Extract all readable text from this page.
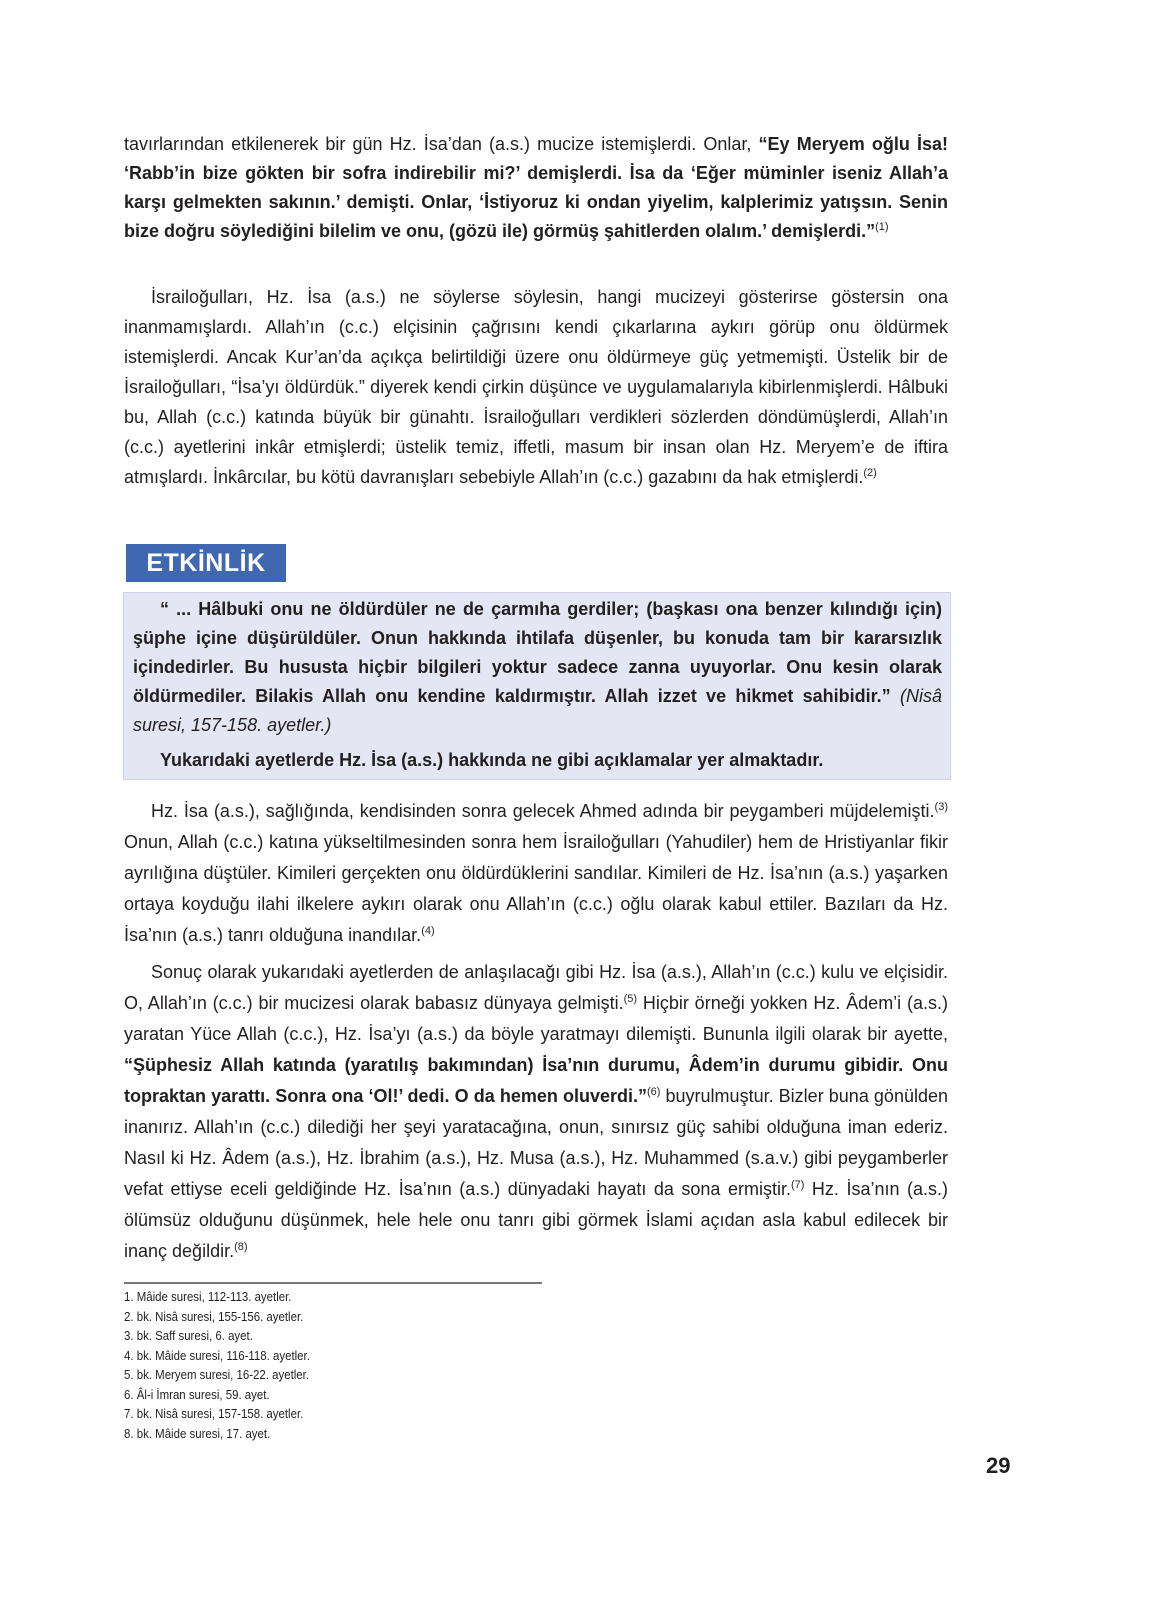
tavırlarından etkilenerek bir gün Hz. İsa’dan (a.s.) mucize istemişlerdi. Onlar, “Ey Meryem oğlu İsa! ‘Rabb’in bize gökten bir sofra indirebilir mi?’ demişlerdi. İsa da ‘Eğer müminler iseniz Allah’a karşı gelmekten sakının.’ demişti. Onlar, ‘İstiyoruz ki ondan yiyelim, kalplerimiz yatışsın. Senin bize doğru söylediğini bilelim ve onu, (gözü ile) görmüş şahitlerden olalım.’ demişlerdi.”$^{(1)}$
İsrailoğulları, Hz. İsa (a.s.) ne söylerse söylesin, hangi mucizeyi gösterirse göstersin ona inanmamışlardı. Allah’ın (c.c.) elçisinin çağrısını kendi çıkarlarına aykırı görüp onu öldürmek istemişlerdi. Ancak Kur’an’da açıkça belirtildiği üzere onu öldürmeye güç yetmemişti. Üstelik bir de İsrailoğulları, “İsa’yı öldürdük.” diyerek kendi çirkin düşünce ve uygulamalarıyla kibirlenmişlerdi. Hâlbuki bu, Allah (c.c.) katında büyük bir günahtı. İsrailoğulları verdikleri sözlerden döndümüşlerdi, Allah’ın (c.c.) ayetlerini inkâr etmişlerdi; üstelik temiz, iffetli, masum bir insan olan Hz. Meryem’e de iftira atmışlardı. İnkârcılar, bu kötü davranışları sebebiyle Allah’ın (c.c.) gazabını da hak etmişlerdi.$^{(2)}$
ETKİNLİK
“ ... Hâlbuki onu ne öldürdüler ne de çarmıha gerdiler; (başkası ona benzer kılındığı için) şüphe içine düşürüldüler. Onun hakkında ihtilafa düşenler, bu konuda tam bir kararsızlık içindedirler. Bu hususta hiçbir bilgileri yoktur sadece zanna uyuyorlar. Onu kesin olarak öldürmediler. Bilakis Allah onu kendine kaldırmıştır. Allah izzet ve hikmet sahibidir.” (Nisâ suresi, 157-158. ayetler.)
Yukarıdaki ayetlerde Hz. İsa (a.s.) hakkında ne gibi açıklamalar yer almaktadır.
Hz. İsa (a.s.), sağlığında, kendisinden sonra gelecek Ahmed adında bir peygamberi müjdelemişti.$^{(3)}$ Onun, Allah (c.c.) katına yükseltilmesinden sonra hem İsrailoğulları (Yahudiler) hem de Hristiyanlar fikir ayrılığına düştüler. Kimileri gerçekten onu öldürdüklerini sandılar. Kimileri de Hz. İsa’nın (a.s.) yaşarken ortaya koyduğu ilahi ilkelere aykırı olarak onu Allah’ın (c.c.) oğlu olarak kabul ettiler. Bazıları da Hz. İsa’nın (a.s.) tanrı olduğuna inandılar.$^{(4)}$
Sonuç olarak yukarıdaki ayetlerden de anlaşılacağı gibi Hz. İsa (a.s.), Allah’ın (c.c.) kulu ve elçisidir. O, Allah’ın (c.c.) bir mucizesi olarak babasız dünyaya gelmişti.$^{(5)}$ Hiçbir örneği yokken Hz. Âdem’i (a.s.) yaratan Yüce Allah (c.c.), Hz. İsa’yı (a.s.) da böyle yaratmayı dilemişti. Bununla ilgili olarak bir ayette, “Şüphesiz Allah katında (yaratılış bakımından) İsa’nın durumu, Âdem’in durumu gibidir. Onu topraktan yarattı. Sonra ona ‘Ol!’ dedi. O da hemen oluverdi.”$^{(6)}$ buyrulmuştur. Bizler buna gönülden inanırız. Allah’ın (c.c.) dilediği her şeyi yaratacağına, onun, sınırsız güç sahibi olduğuna iman ederiz. Nasıl ki Hz. Âdem (a.s.), Hz. İbrahim (a.s.), Hz. Musa (a.s.), Hz. Muhammed (s.a.v.) gibi peygamberler vefat ettiyse eceli geldiğinde Hz. İsa’nın (a.s.) dünyadaki hayatı da sona ermiştir.$^{(7)}$ Hz. İsa’nın (a.s.) ölümsüz olduğunu düşünmek, hele hele onu tanrı gibi görmek İslami açıdan asla kabul edilecek bir inanç değildir.$^{(8)}$
1. Mâide suresi, 112-113. ayetler.
2. bk. Nisâ suresi, 155-156. ayetler.
3. bk. Saff suresi, 6. ayet.
4. bk. Mâide suresi, 116-118. ayetler.
5. bk. Meryem suresi, 16-22. ayetler.
6. Âl-i İmran suresi, 59. ayet.
7. bk. Nisâ suresi, 157-158. ayetler.
8. bk. Mâide suresi, 17. ayet.
29
